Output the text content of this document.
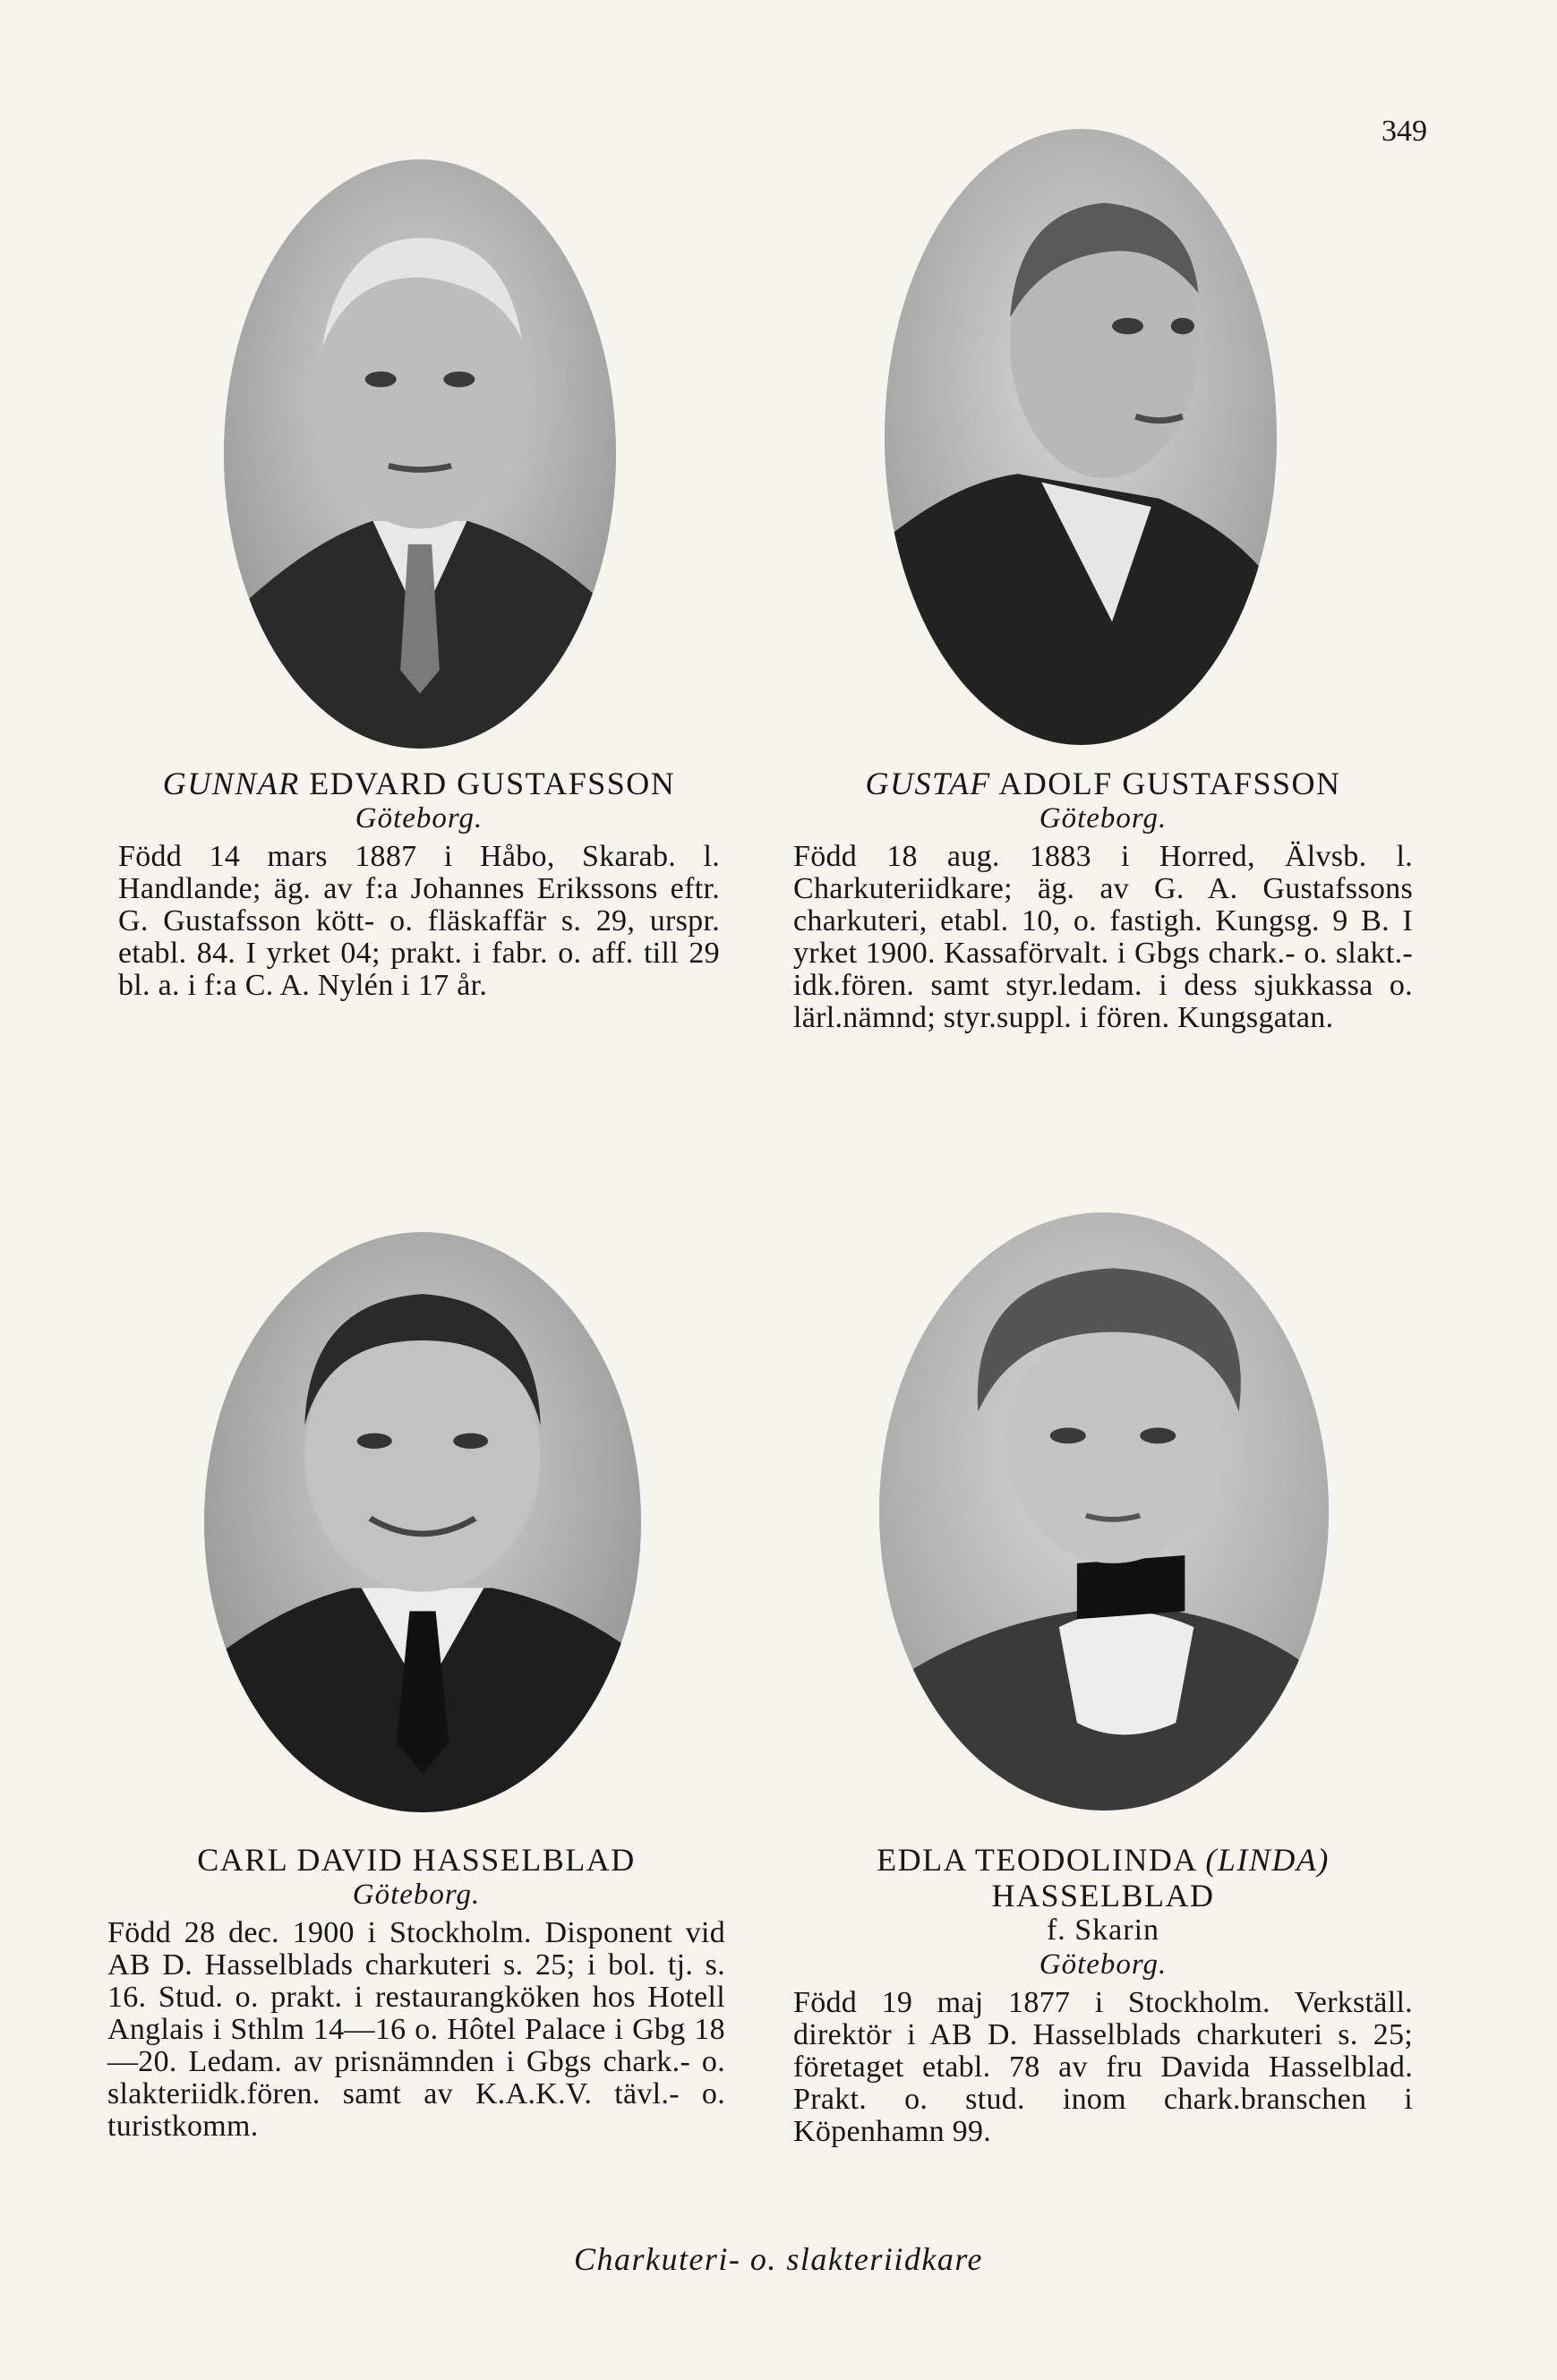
349

GUNNAR EDVARD GUSTAFSSON

Göteborg.
Född 14 mars 1887 i Håbo, Skarab. l. Handlande; äg. av f:a Johannes Erikssons eftr. G. Gustafsson kött- o. fläskaffär s. 29, urspr. etabl. 84. I yrket 04; prakt. i fabr. o. aff. till 29 bl. a. i f:a C. A. Nylén i 17 år.

GUSTAF ADOLF GUSTAFSSON

Göteborg.
Född 18 aug. 1883 i Horred, Älvsb. l. Charkuteriidkare; äg. av G. A. Gustafssons charkuteri, etabl. 10, o. fastigh. Kungsg. 9 B. I yrket 1900. Kassaförvalt. i Gbgs chark.- o. slakt.-idk.fören. samt styr.ledam. i dess sjukkassa o. lärl.nämnd; styr.suppl. i fören. Kungsgatan.

CARL DAVID HASSELBLAD

Göteborg.
Född 28 dec. 1900 i Stockholm. Disponent vid AB D. Hasselblads charkuteri s. 25; i bol. tj. s. 16. Stud. o. prakt. i restaurangköken hos Hotell Anglais i Sthlm 14—16 o. Hôtel Palace i Gbg 18—20. Ledam. av prisnämnden i Gbgs chark.- o. slakteriidk.fören. samt av K.A.K.V. tävl.- o. turistkomm.

EDLA TEODOLINDA (LINDA)

HASSELBLAD

f. Skarin
Göteborg.
Född 19 maj 1877 i Stockholm. Verkställ. direktör i AB D. Hasselblads charkuteri s. 25; företaget etabl. 78 av fru Davida Hasselblad. Prakt. o. stud. inom chark.branschen i Köpenhamn 99.
Charkuteri- o. slakteriidkare
